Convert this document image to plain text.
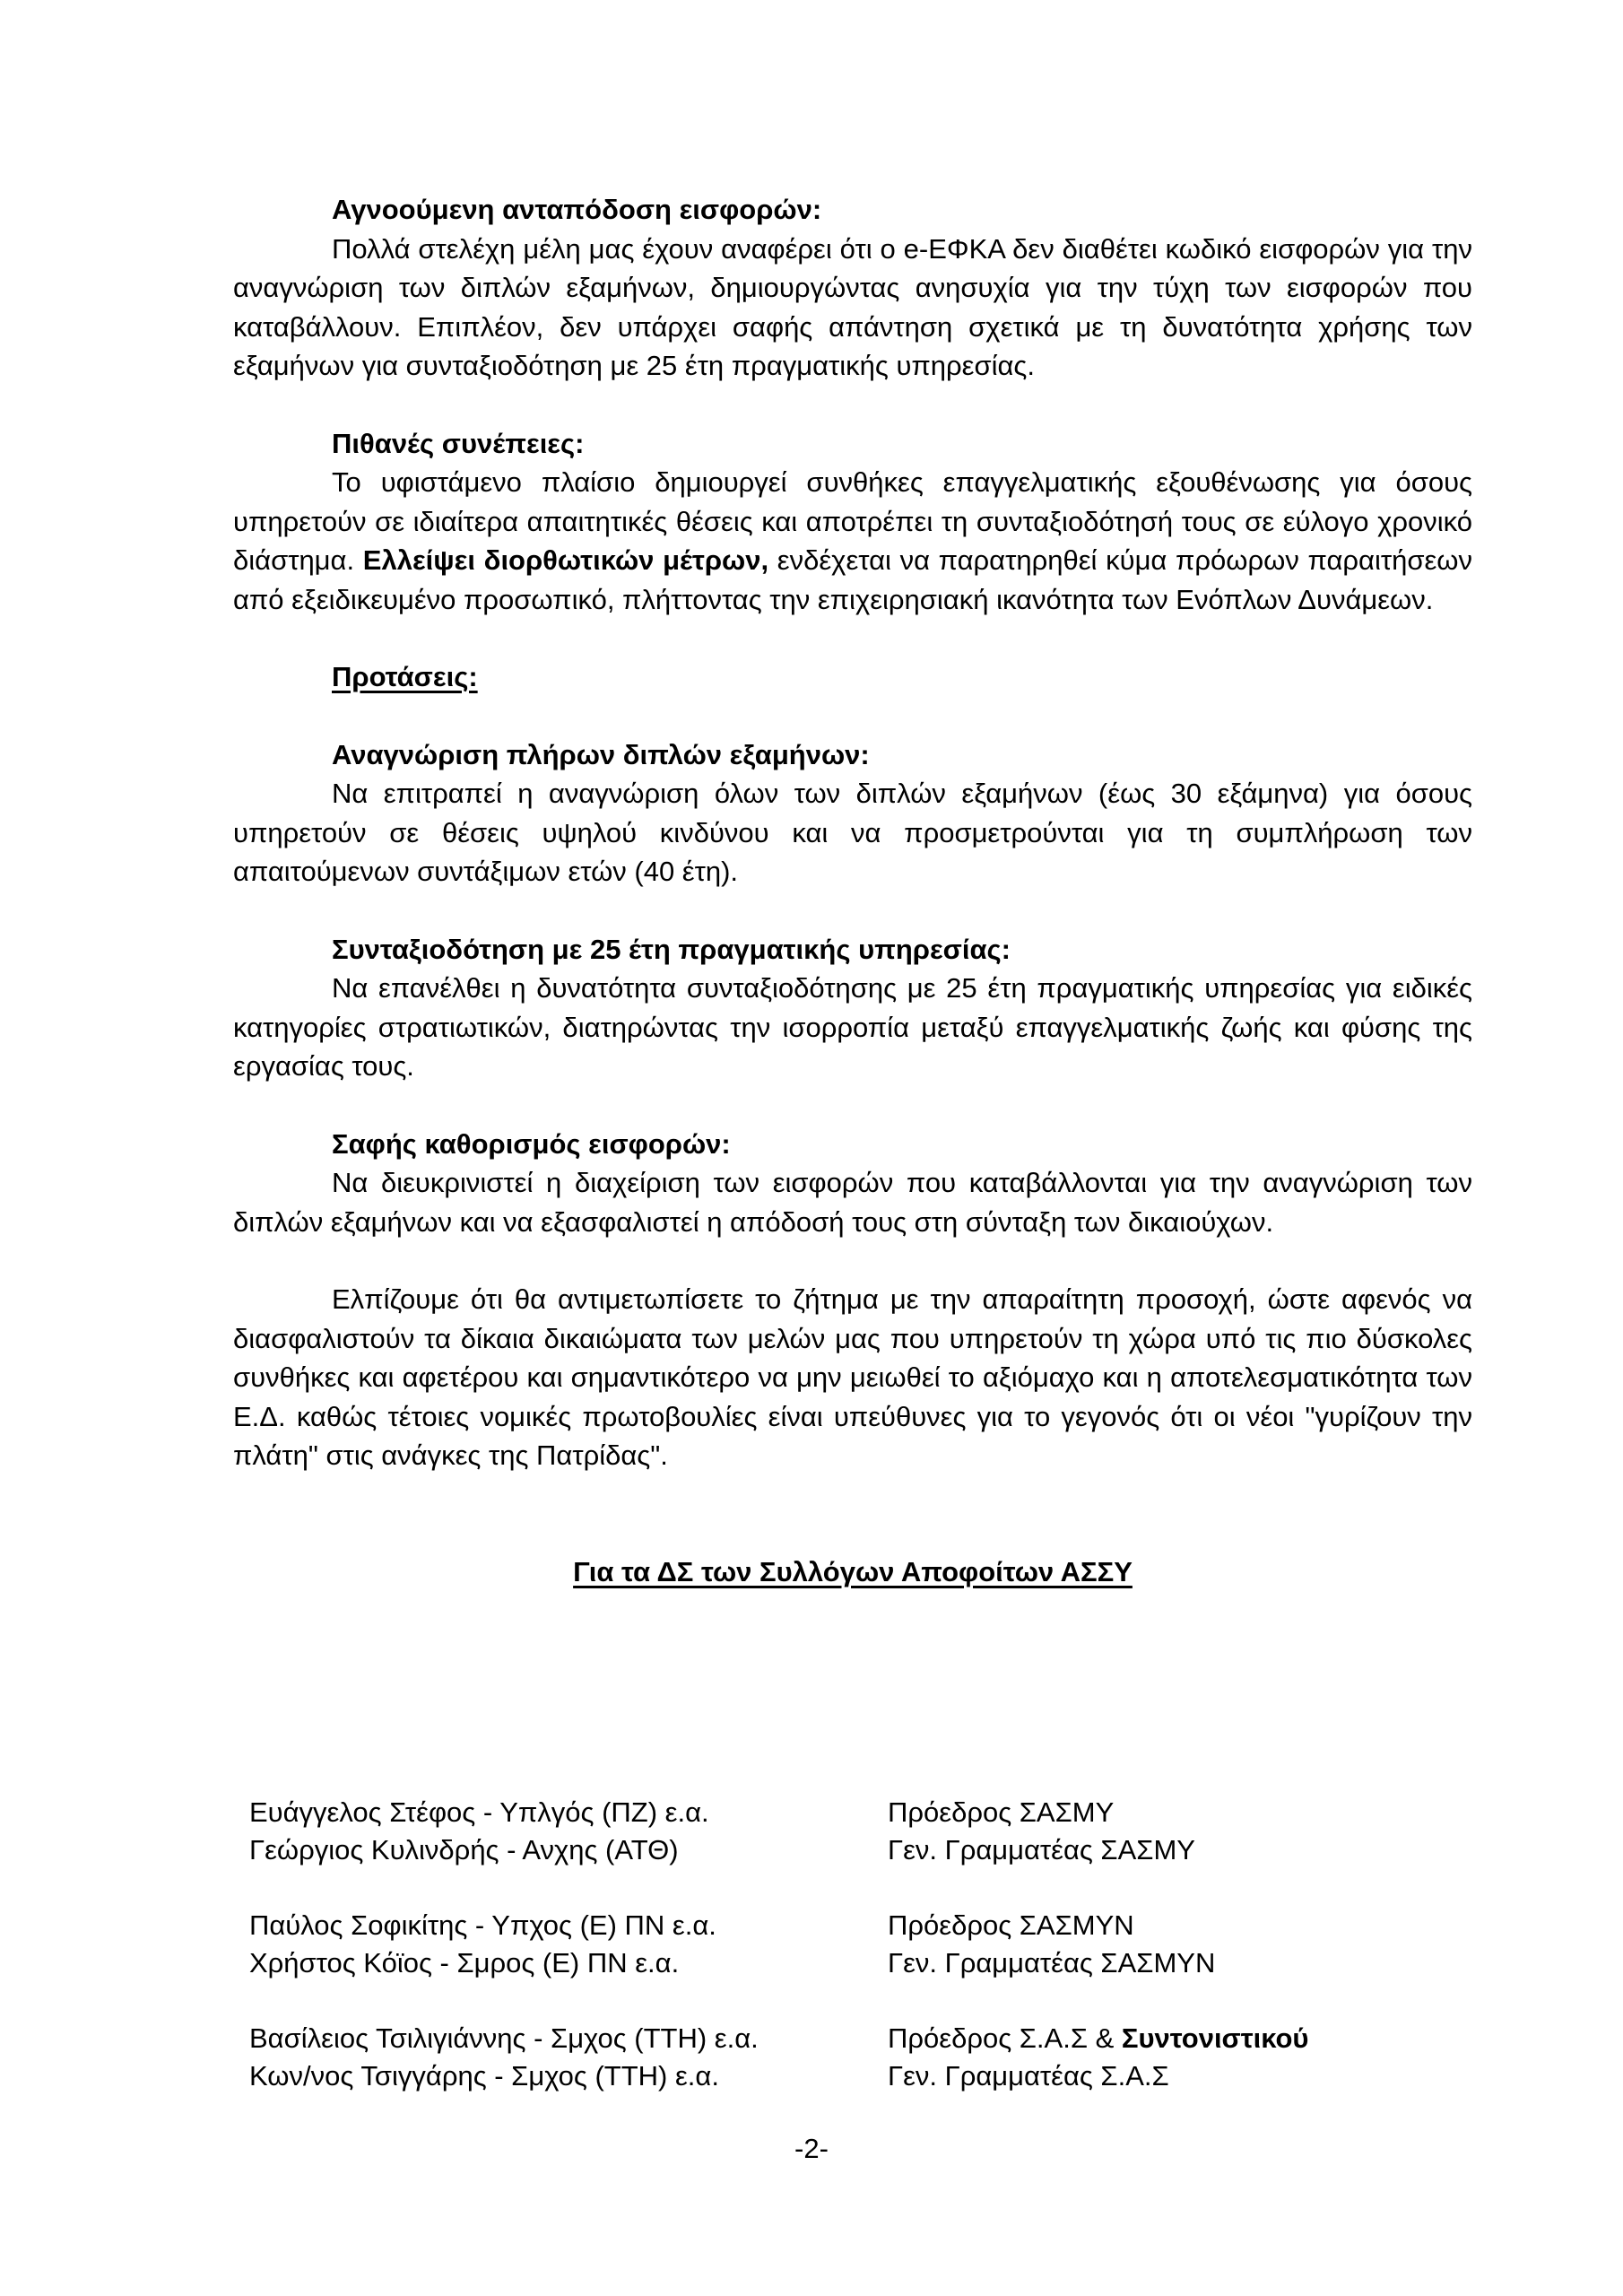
Αγνοούμενη ανταπόδοση εισφορών:
Πολλά στελέχη μέλη μας έχουν αναφέρει ότι ο e-ΕΦΚΑ δεν διαθέτει κωδικό εισφορών για την αναγνώριση των διπλών εξαμήνων, δημιουργώντας ανησυχία για την τύχη των εισφορών που καταβάλλουν. Επιπλέον, δεν υπάρχει σαφής απάντηση σχετικά με τη δυνατότητα χρήσης των εξαμήνων για συνταξιοδότηση με 25 έτη πραγματικής υπηρεσίας.
Πιθανές συνέπειες:
Το υφιστάμενο πλαίσιο δημιουργεί συνθήκες επαγγελματικής εξουθένωσης για όσους υπηρετούν σε ιδιαίτερα απαιτητικές θέσεις και αποτρέπει τη συνταξιοδότησή τους σε εύλογο χρονικό διάστημα. Ελλείψει διορθωτικών μέτρων, ενδέχεται να παρατηρηθεί κύμα πρόωρων παραιτήσεων από εξειδικευμένο προσωπικό, πλήττοντας την επιχειρησιακή ικανότητα των Ενόπλων Δυνάμεων.
Προτάσεις:
Αναγνώριση πλήρων διπλών εξαμήνων:
Να επιτραπεί η αναγνώριση όλων των διπλών εξαμήνων (έως 30 εξάμηνα) για όσους υπηρετούν σε θέσεις υψηλού κινδύνου και να προσμετρούνται για τη συμπλήρωση των απαιτούμενων συντάξιμων ετών (40 έτη).
Συνταξιοδότηση με 25 έτη πραγματικής υπηρεσίας:
Να επανέλθει η δυνατότητα συνταξιοδότησης με 25 έτη πραγματικής υπηρεσίας για ειδικές κατηγορίες στρατιωτικών, διατηρώντας την ισορροπία μεταξύ επαγγελματικής ζωής και φύσης της εργασίας τους.
Σαφής καθορισμός εισφορών:
Να διευκρινιστεί η διαχείριση των εισφορών που καταβάλλονται για την αναγνώριση των διπλών εξαμήνων και να εξασφαλιστεί η απόδοσή τους στη σύνταξη των δικαιούχων.
Ελπίζουμε ότι θα αντιμετωπίσετε το ζήτημα με την απαραίτητη προσοχή, ώστε αφενός να διασφαλιστούν τα δίκαια δικαιώματα των μελών μας που υπηρετούν τη χώρα υπό τις πιο δύσκολες συνθήκες και αφετέρου και σημαντικότερο να μην μειωθεί το αξιόμαχο και η αποτελεσματικότητα των Ε.Δ. καθώς τέτοιες νομικές πρωτοβουλίες είναι υπεύθυνες για το γεγονός ότι οι νέοι "γυρίζουν την πλάτη" στις ανάγκες της Πατρίδας".
Για τα ΔΣ των Συλλόγων Αποφοίτων ΑΣΣΥ
Ευάγγελος Στέφος - Υπλγός (ΠΖ) ε.α.	Πρόεδρος ΣΑΣΜΥ
Γεώργιος Κυλινδρής - Ανχης (ΑΤΘ)	Γεν. Γραμματέας ΣΑΣΜΥ
Παύλος Σοφικίτης - Υπχος (Ε) ΠΝ ε.α.	Πρόεδρος ΣΑΣΜΥΝ
Χρήστος Κόϊος - Σμρος (Ε) ΠΝ ε.α.	Γεν. Γραμματέας ΣΑΣΜΥΝ
Βασίλειος Τσιλιγιάννης - Σμχος (ΤΤΗ) ε.α.	Πρόεδρος Σ.Α.Σ & Συντονιστικού
Κων/νος Τσιγγάρης - Σμχος (ΤΤΗ) ε.α.	Γεν. Γραμματέας Σ.Α.Σ
-2-
